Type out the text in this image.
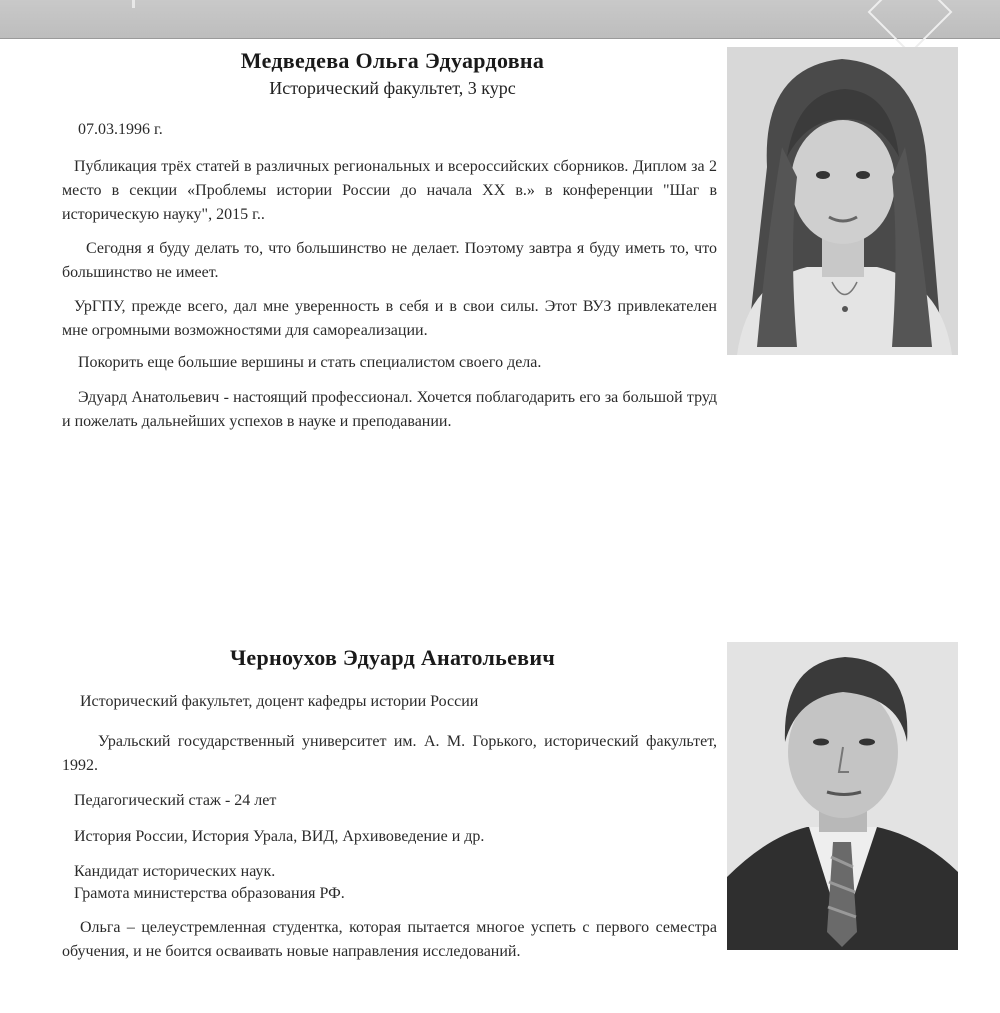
Медведева Ольга Эдуардовна
Исторический факультет, 3 курс

07.03.1996 г.

Публикация трёх статей в различных региональных и всероссийских сборников. Диплом за 2 место в секции «Проблемы истории России до начала XX в.» в конференции "Шаг в историческую науку", 2015 г..

Сегодня я буду делать то, что большинство не делает. Поэтому завтра я буду иметь то, что большинство не имеет.

УрГПУ, прежде всего, дал мне уверенность в себя и в свои силы. Этот ВУЗ привлекателен мне огромными возможностями для самореализации.

Покорить еще большие вершины и стать специалистом своего дела.

Эдуард Анатольевич - настоящий профессионал. Хочется поблагодарить его за большой труд и пожелать дальнейших успехов в науке и преподавании.

Черноухов Эдуард Анатольевич

Исторический факультет, доцент кафедры истории России

Уральский государственный университет им. А. М. Горького, исторический факультет, 1992.

Педагогический стаж - 24 лет

История России, История Урала, ВИД, Архивоведение и др.

Кандидат исторических наук.

Грамота министерства образования РФ.

Ольга – целеустремленная студентка, которая пытается многое успеть с первого семестра обучения, и не боится осваивать новые направления исследований.
